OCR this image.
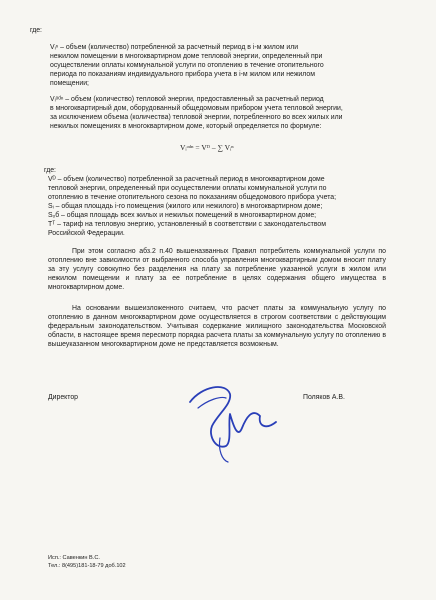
где:
Vᵢⁿ – объем (количество) потребленной за расчетный период в i-м жилом или
нежилом помещении в многоквартирном доме тепловой энергии, определенный при
осуществлении оплаты коммунальной услуги по отоплению в течение отопительного
периода по показаниям индивидуального прибора учета в i-м жилом или нежилом
помещении;
Vᵢᵒᵈⁿ – объем (количество) тепловой энергии, предоставленный за расчетный период
в многоквартирный дом, оборудованный общедомовым прибором учета тепловой энергии,
за исключением объема (количества) тепловой энергии, потребленного во всех жилых или
нежилых помещениях в многоквартирном доме, который определяется по формуле:
Vᵢᵒᵈⁿ = Vᴰ – ∑ Vᵢⁿ
где:
Vᴰ – объем (количество) потребленной за расчетный период в многоквартирном доме
тепловой энергии, определенный при осуществлении оплаты коммунальной услуги по
отоплению в течение отопительного сезона по показаниям общедомового прибора учета;
Sᵢ – общая площадь i-го помещения (жилого или нежилого) в многоквартирном доме;
Sₒб – общая площадь всех жилых и нежилых помещений в многоквартирном доме;
Tᵀ – тариф на тепловую энергию, установленный в соответствии с законодательством
Российской Федерации.
При этом согласно абз.2 п.40 вышеназванных Правил потребитель коммунальной услуги по отоплению вне зависимости от выбранного способа управления многоквартирным домом вносит плату за эту услугу совокупно без разделения на плату за потребление указанной услуги в жилом или нежилом помещении и плату за ее потребление в целях содержания общего имущества в многоквартирном доме.
На основании вышеизложенного считаем, что расчет платы за коммунальную услугу по отоплению в данном многоквартирном доме осуществляется в строгом соответствии с действующим федеральным законодательством. Учитывая содержание жилищного законодательства Московской области, в настоящее время пересмотр порядка расчета платы за коммунальную услугу по отоплению в вышеуказанном многоквартирном доме не представляется возможным.
Директор	Поляков А.В.
Исп.: Савенкин В.С.
Тел.: 8(495)181-18-79 доб.102
